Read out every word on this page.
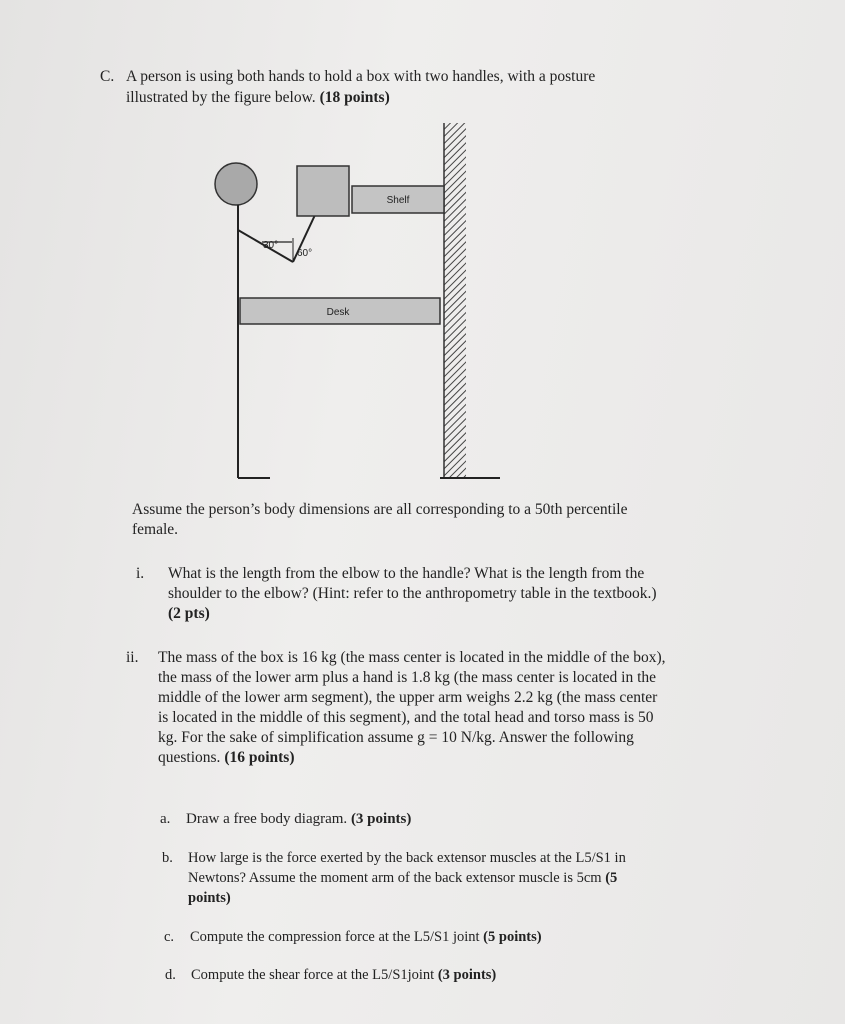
C. A person is using both hands to hold a box with two handles, with a posture
illustrated by the figure below. (18 points)
30°
60°
Shelf
Desk
Assume the person’s body dimensions are all corresponding to a 50th percentile
female.
i. What is the length from the elbow to the handle? What is the length from the
shoulder to the elbow? (Hint: refer to the anthropometry table in the textbook.)
(2 pts)
ii. The mass of the box is 16 kg (the mass center is located in the middle of the box),
the mass of the lower arm plus a hand is 1.8 kg (the mass center is located in the
middle of the lower arm segment), the upper arm weighs 2.2 kg (the mass center
is located in the middle of this segment), and the total head and torso mass is 50
kg. For the sake of simplification assume g = 10 N/kg. Answer the following
questions. (16 points)
a. Draw a free body diagram. (3 points)
b. How large is the force exerted by the back extensor muscles at the L5/S1 in
Newtons? Assume the moment arm of the back extensor muscle is 5cm (5
points)
c. Compute the compression force at the L5/S1 joint (5 points)
d. Compute the shear force at the L5/S1joint (3 points)
